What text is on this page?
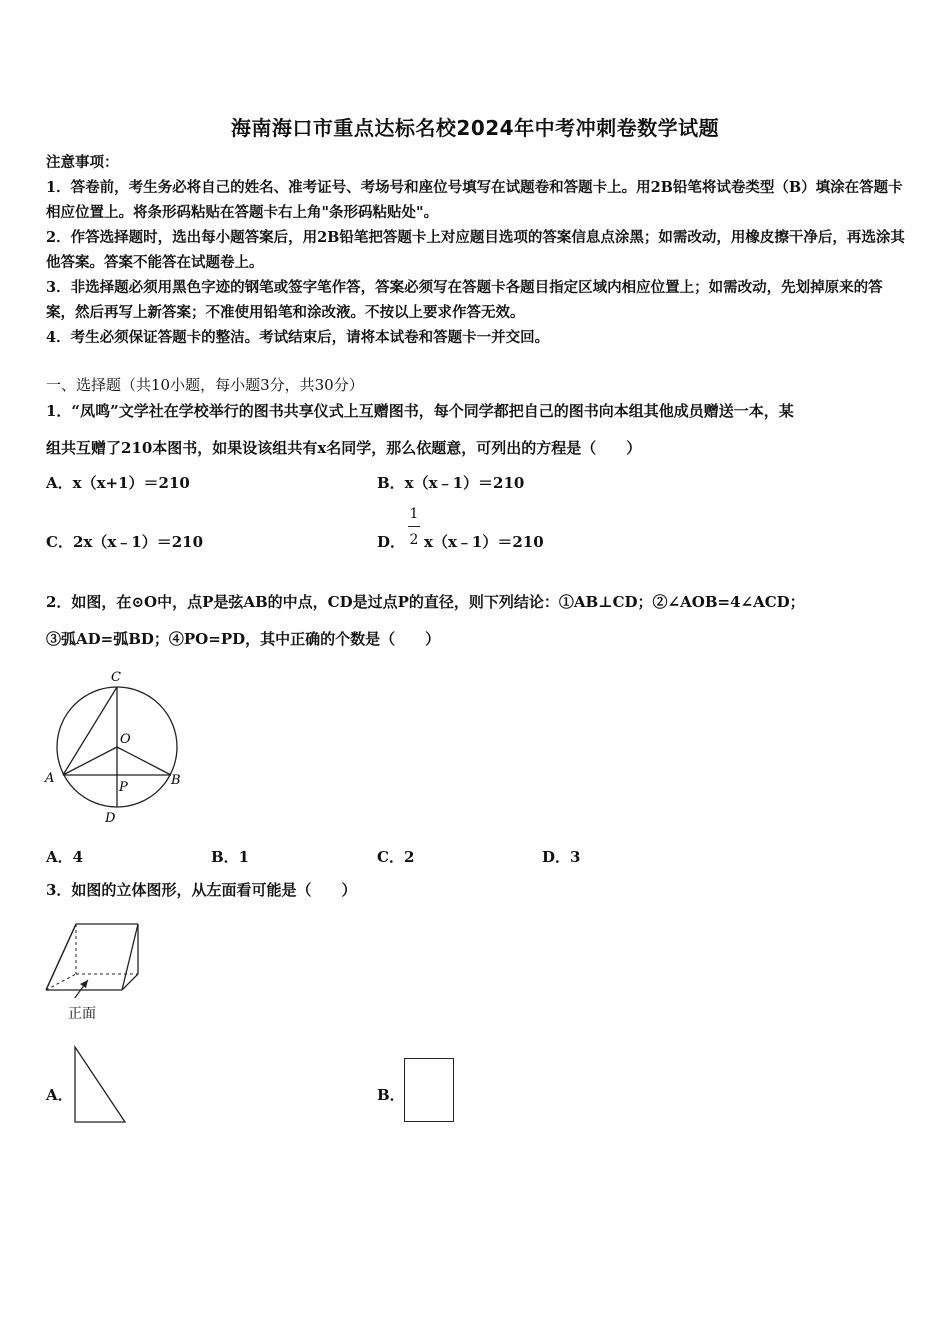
海南海口市重点达标名校2024年中考冲刺卷数学试题
注意事项：
1．答卷前，考生务必将自己的姓名、准考证号、考场号和座位号填写在试题卷和答题卡上。用2B铅笔将试卷类型（B）填涂在答题卡相应位置上。将条形码粘贴在答题卡右上角"条形码粘贴处"。
2．作答选择题时，选出每小题答案后，用2B铅笔把答题卡上对应题目选项的答案信息点涂黑；如需改动，用橡皮擦干净后，再选涂其他答案。答案不能答在试题卷上。
3．非选择题必须用黑色字迹的钢笔或签字笔作答，答案必须写在答题卡各题目指定区域内相应位置上；如需改动，先划掉原来的答案，然后再写上新答案；不准使用铅笔和涂改液。不按以上要求作答无效。
4．考生必须保证答题卡的整洁。考试结束后，请将本试卷和答题卡一并交回。
一、选择题（共10小题，每小题3分，共30分）
1．“凤鸣”文学社在学校举行的图书共享仪式上互赠图书，每个同学都把自己的图书向本组其他成员赠送一本，某
组共互赠了210本图书，如果设该组共有x名同学，那么依题意，可列出的方程是（　　）
A．x（x+1）＝210	B．x（x﹣1）＝210
C．2x（x﹣1）＝210	D．
1
2 x（x﹣1）＝210
2．如图，在⊙O中，点P是弦AB的中点，CD是过点P的直径，则下列结论：①AB⊥CD；②∠AOB=4∠ACD；
③弧AD=弧BD；④PO=PD，其中正确的个数是（　　）
C
O
A	B
P
D
A．4	B．1	C．2	D．3
3．如图的立体图形，从左面看可能是（　　）
正面
A．	B．
